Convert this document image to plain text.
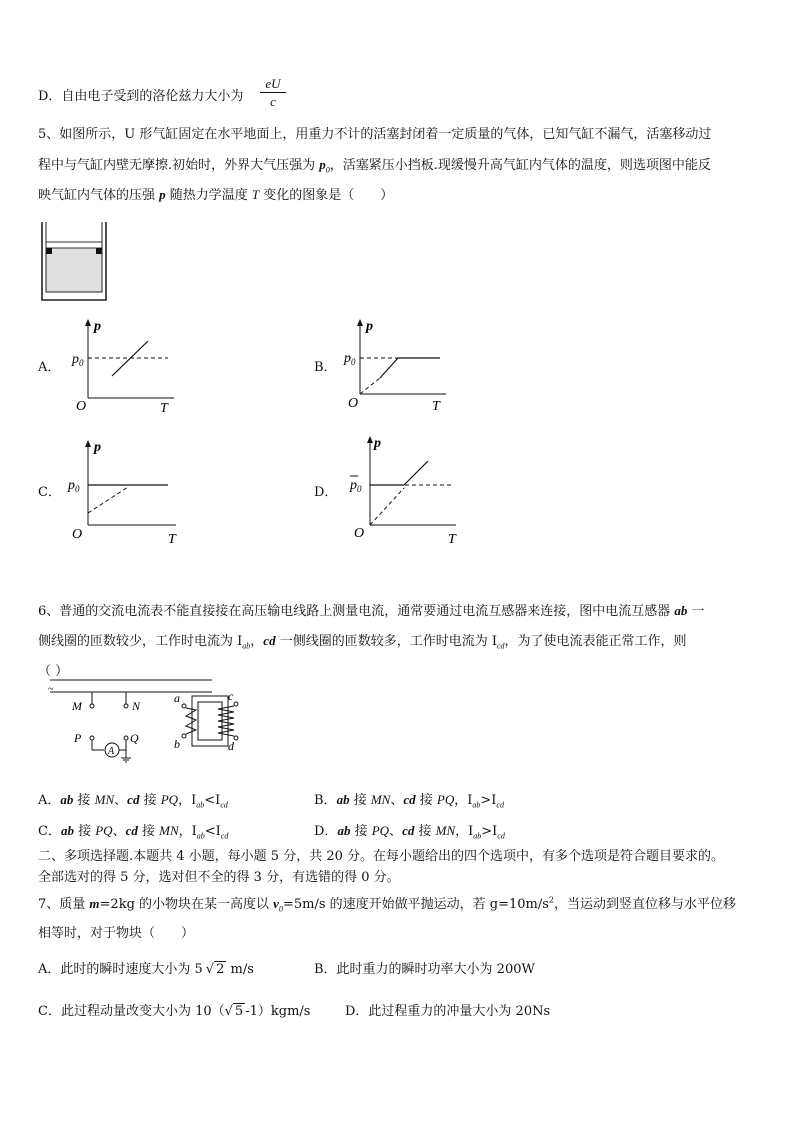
D．自由电子受到的洛伦兹力大小为
eU
c
5、如图所示，U 形气缸固定在水平地面上，用重力不计的活塞封闭着一定质量的气体，已知气缸不漏气，活塞移动过
程中与气缸内壁无摩擦.初始时，外界大气压强为 $p_0$，活塞紧压小挡板.现缓慢升高气缸内气体的温度，则选项图中能反
映气缸内气体的压强 p 随热力学温度 T 变化的图象是（　　）
A．
p
$p_0$
O	T
B．
p
$p_0$
O	T
C．
p
$p_0$
O	T
D．
p
$p_0$
O	T
6、普通的交流电流表不能直接接在高压输电线路上测量电流，通常要通过电流互感器来连接，图中电流互感器 ab 一
侧线圈的匝数较少，工作时电流为 $I_{ab}$，cd 一侧线圈的匝数较多，工作时电流为 $I_{cd}$，为了使电流表能正常工作，则
（ ）
~
M	N
P	Q
A
a
b
c
d
A．ab 接 MN、cd 接 PQ，$I_{ab}<I_{cd}$	B．ab 接 MN、cd 接 PQ，$I_{ab}>I_{cd}$
C．ab 接 PQ、cd 接 MN，$I_{ab}<I_{cd}$	D．ab 接 PQ、cd 接 MN，$I_{ab}>I_{cd}$
二、多项选择题.本题共 4 小题，每小题 5 分，共 20 分。在每小题给出的四个选项中，有多个选项是符合题目要求的。
全部选对的得 5 分，选对但不全的得 3 分，有选错的得 0 分。
7、质量 m=2kg 的小物块在某一高度以 $v_0=5m/s$ 的速度开始做平抛运动，若 $g=10m/s^2$，当运动到竖直位移与水平位移
相等时，对于物块（　　）
A．此时的瞬时速度大小为 5 √ 2 m/s	B．此时重力的瞬时功率大小为 200W
C．此过程动量改变大小为 10（√ 5 -1）kgm/s	D．此过程重力的冲量大小为 20Ns
